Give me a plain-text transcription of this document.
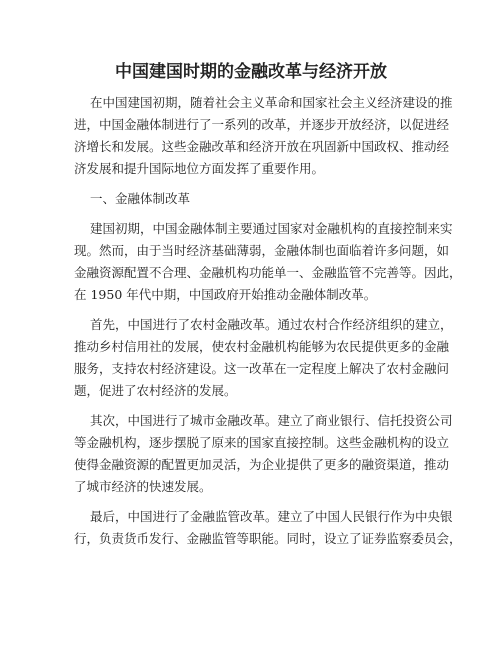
中国建国时期的金融改革与经济开放
在中国建国初期，随着社会主义革命和国家社会主义经济建设的推
进，中国金融体制进行了一系列的改革，并逐步开放经济，以促进经
济增长和发展。这些金融改革和经济开放在巩固新中国政权、推动经
济发展和提升国际地位方面发挥了重要作用。
一、金融体制改革
建国初期，中国金融体制主要通过国家对金融机构的直接控制来实
现。然而，由于当时经济基础薄弱，金融体制也面临着许多问题，如
金融资源配置不合理、金融机构功能单一、金融监管不完善等。因此，
在 1950 年代中期，中国政府开始推动金融体制改革。
首先，中国进行了农村金融改革。通过农村合作经济组织的建立，
推动乡村信用社的发展，使农村金融机构能够为农民提供更多的金融
服务，支持农村经济建设。这一改革在一定程度上解决了农村金融问
题，促进了农村经济的发展。
其次，中国进行了城市金融改革。建立了商业银行、信托投资公司
等金融机构，逐步摆脱了原来的国家直接控制。这些金融机构的设立
使得金融资源的配置更加灵活，为企业提供了更多的融资渠道，推动
了城市经济的快速发展。
最后，中国进行了金融监管改革。建立了中国人民银行作为中央银
行，负责货币发行、金融监管等职能。同时，设立了证券监察委员会，
